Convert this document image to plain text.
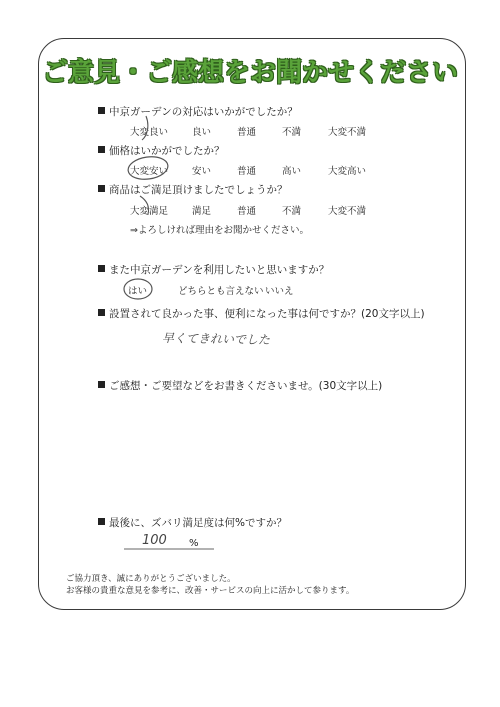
ご意見・ご感想をお聞かせください
中京ガーデンの対応はいかがでしたか？
大変良い	良い	普通	不満	大変不満
価格はいかがでしたか？
大変安い	安い	普通	高い	大変高い
商品はご満足頂けましたでしょうか？
大変満足	満足	普通	不満	大変不満
⇒よろしければ理由をお聞かせください。
また中京ガーデンを利用したいと思いますか？
はい	どちらとも言えない いいえ
設置されて良かった事、便利になった事は何ですか？(20文字以上)
早くてきれいでした
ご感想・ご要望などをお書きくださいませ。(30文字以上)
最後に、ズバリ満足度は何%ですか？
100 %
ご協力頂き、誠にありがとうございました。
お客様の貴重な意見を参考に、改善・サービスの向上に活かして参ります。
